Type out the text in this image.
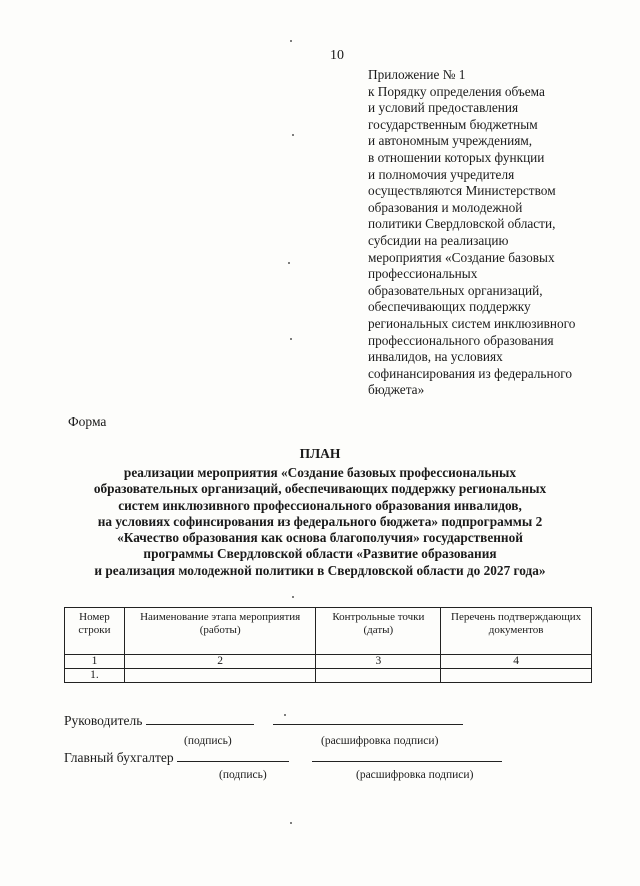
10
Приложение № 1
к Порядку определения объема
и условий предоставления
государственным бюджетным
и автономным учреждениям,
в отношении которых функции
и полномочия учредителя
осуществляются Министерством
образования и молодежной
политики Свердловской области,
субсидии на реализацию
мероприятия «Создание базовых
профессиональных
образовательных организаций,
обеспечивающих поддержку
региональных систем инклюзивного
профессионального образования
инвалидов, на условиях
софинансирования из федерального
бюджета»
Форма
ПЛАН
реализации мероприятия «Создание базовых профессиональных
образовательных организаций, обеспечивающих поддержку региональных
систем инклюзивного профессионального образования инвалидов,
на условиях софинсирования из федерального бюджета» подпрограммы 2
«Качество образования как основа благополучия» государственной
программы Свердловской области «Развитие образования
и реализация молодежной политики в Свердловской области до 2027 года»
Номер строки	Наименование этапа мероприятия (работы)	Контрольные точки (даты)	Перечень подтверждающих документов
1	2	3	4
1.			
Руководитель
(подпись)	(расшифровка подписи)
Главный бухгалтер
(подпись)	(расшифровка подписи)
